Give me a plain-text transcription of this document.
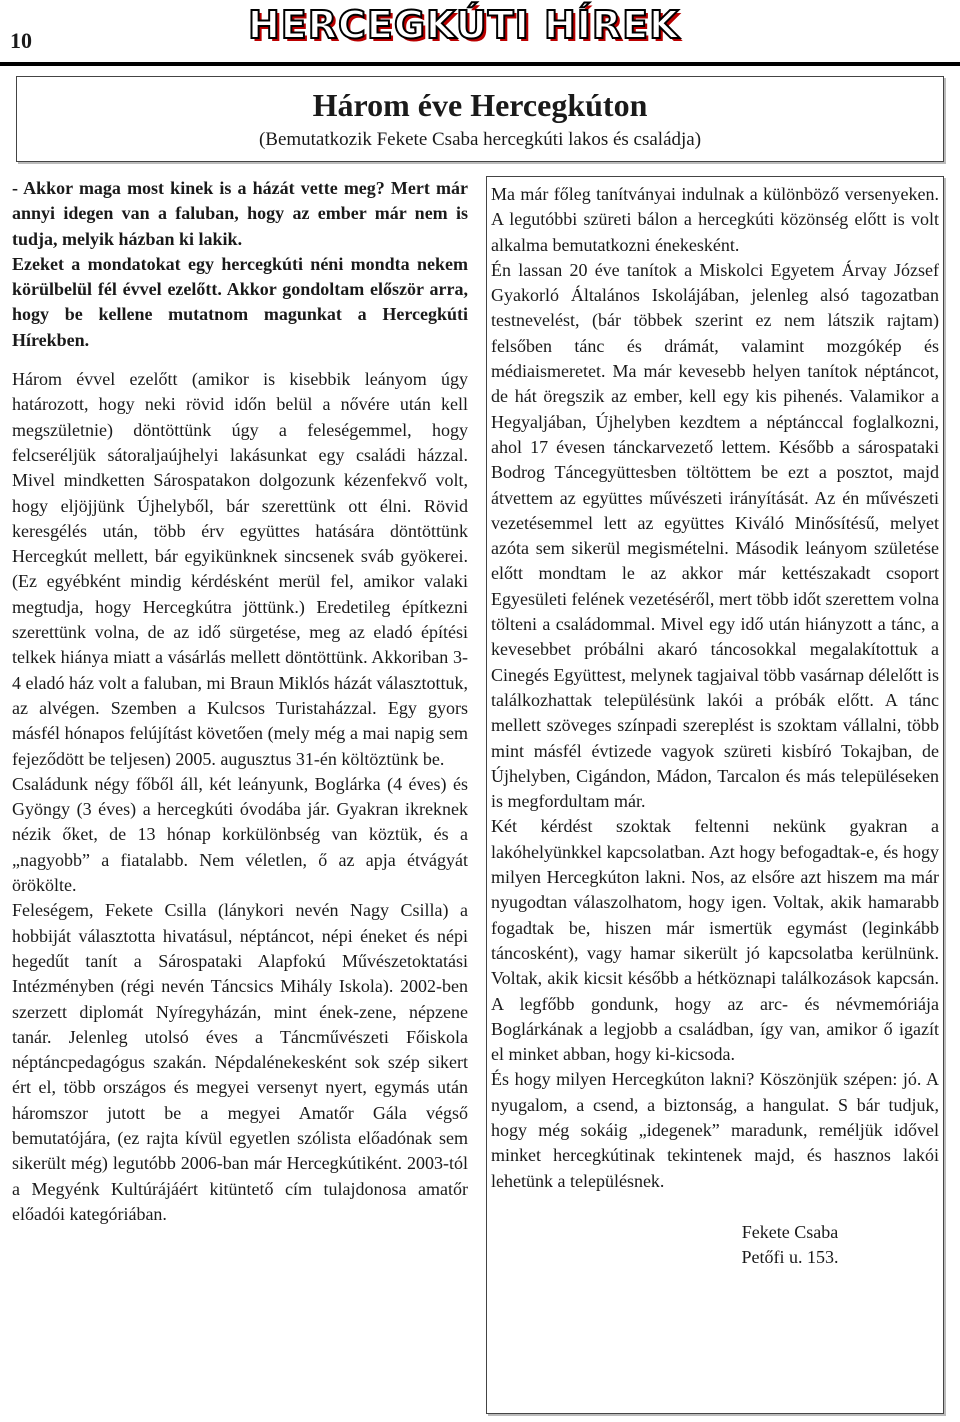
10	HERCEGKÚTI HÍREK
Három éve Hercegkúton
(Bemutatkozik Fekete Csaba hercegkúti lakos és családja)

- Akkor maga most kinek is a házát vette meg? Mert már annyi idegen van a faluban, hogy az ember már nem is tudja, melyik házban ki lakik.

Ezeket a mondatokat egy hercegkúti néni mondta nekem körülbelül fél évvel ezelőtt. Akkor gondoltam először arra, hogy be kellene mutatnom magunkat a Hercegkúti Hírekben.

Három évvel ezelőtt (amikor is kisebbik leányom úgy határozott, hogy neki rövid időn belül a nővére után kell megszületnie) döntöttünk úgy a feleségemmel, hogy felcseréljük sátoraljaújhelyi lakásunkat egy családi házzal. Mivel mindketten Sárospatakon dolgozunk kézenfekvő volt, hogy eljöjjünk Újhelyből, bár szerettünk ott élni. Rövid keresgélés után, több érv együttes hatására döntöttünk Hercegkút mellett, bár egyikünknek sincsenek sváb gyökerei. (Ez egyébként mindig kérdésként merül fel, amikor valaki megtudja, hogy Hercegkútra jöttünk.) Eredetileg építkezni szerettünk volna, de az idő sürgetése, meg az eladó építési telkek hiánya miatt a vásárlás mellett döntöttünk. Akkoriban 3-4 eladó ház volt a faluban, mi Braun Miklós házát választottuk, az alvégen. Szemben a Kulcsos Turistaházzal. Egy gyors másfél hónapos felújítást követően (mely még a mai napig sem fejeződött be teljesen) 2005. augusztus 31-én költöztünk be.

Családunk négy főből áll, két leányunk, Boglárka (4 éves) és Gyöngy (3 éves) a hercegkúti óvodába jár. Gyakran ikreknek nézik őket, de 13 hónap korkülönbség van köztük, és a „nagyobb” a fiatalabb. Nem véletlen, ő az apja étvágyát örökölte.

Feleségem, Fekete Csilla (lánykori nevén Nagy Csilla) a hobbiját választotta hivatásul, néptáncot, népi éneket és népi hegedűt tanít a Sárospataki Alapfokú Művészetoktatási Intézményben (régi nevén Táncsics Mihály Iskola). 2002-ben szerzett diplomát Nyíregyházán, mint ének-zene, népzene tanár. Jelenleg utolsó éves a Táncművészeti Főiskola néptáncpedagógus szakán. Népdalénekesként sok szép sikert ért el, több országos és megyei versenyt nyert, egymás után háromszor jutott be a megyei Amatőr Gála végső bemutatójára, (ez rajta kívül egyetlen szólista előadónak sem sikerült még) legutóbb 2006-ban már Hercegkútiként. 2003-tól a Megyénk Kultúrájáért kitüntető cím tulajdonosa amatőr előadói kategóriában.

Ma már főleg tanítványai indulnak a különböző versenyeken. A legutóbbi szüreti bálon a hercegkúti közönség előtt is volt alkalma bemutatkozni énekesként.

Én lassan 20 éve tanítok a Miskolci Egyetem Árvay József Gyakorló Általános Iskolájában, jelenleg alsó tagozatban testnevelést, (bár többek szerint ez nem látszik rajtam) felsőben tánc és drámát, valamint mozgókép és médiaismeretet. Ma már kevesebb helyen tanítok néptáncot, de hát öregszik az ember, kell egy kis pihenés. Valamikor a Hegyaljában, Újhelyben kezdtem a néptánccal foglalkozni, ahol 17 évesen tánckarvezető lettem. Később a sárospataki Bodrog Táncegyüttesben töltöttem be ezt a posztot, majd átvettem az együttes művészeti irányítását. Az én művészeti vezetésemmel lett az együttes Kiváló Minősítésű, melyet azóta sem sikerül megismételni. Második leányom születése előtt mondtam le az akkor már kettészakadt csoport Egyesületi felének vezetéséről, mert több időt szerettem volna tölteni a családommal. Mivel egy idő után hiányzott a tánc, a kevesebbet próbálni akaró táncosokkal megalakítottuk a Cinegés Együttest, melynek tagjaival több vasárnap délelőtt is találkozhattak településünk lakói a próbák előtt. A tánc mellett szöveges színpadi szereplést is szoktam vállalni, több mint másfél évtizede vagyok szüreti kisbíró Tokajban, de Újhelyben, Cigándon, Mádon, Tarcalon és más településeken is megfordultam már.

Két kérdést szoktak feltenni nekünk gyakran a lakóhelyünkkel kapcsolatban. Azt hogy befogadtak-e, és hogy milyen Hercegkúton lakni. Nos, az elsőre azt hiszem ma már nyugodtan válaszolhatom, hogy igen. Voltak, akik hamarabb fogadtak be, hiszen már ismertük egymást (leginkább táncosként), vagy hamar sikerült jó kapcsolatba kerülnünk. Voltak, akik kicsit később a hétköznapi találkozások kapcsán. A legfőbb gondunk, hogy az arc- és névmemóriája Boglárkának a legjobb a családban, így van, amikor ő igazít el minket abban, hogy ki-kicsoda.

És hogy milyen Hercegkúton lakni? Köszönjük szépen: jó. A nyugalom, a csend, a biztonság, a hangulat. S bár tudjuk, hogy még sokáig „idegenek” maradunk, reméljük idővel minket hercegkútinak tekintenek majd, és hasznos lakói lehetünk a településnek.

Fekete Csaba
Petőfi u. 153.
